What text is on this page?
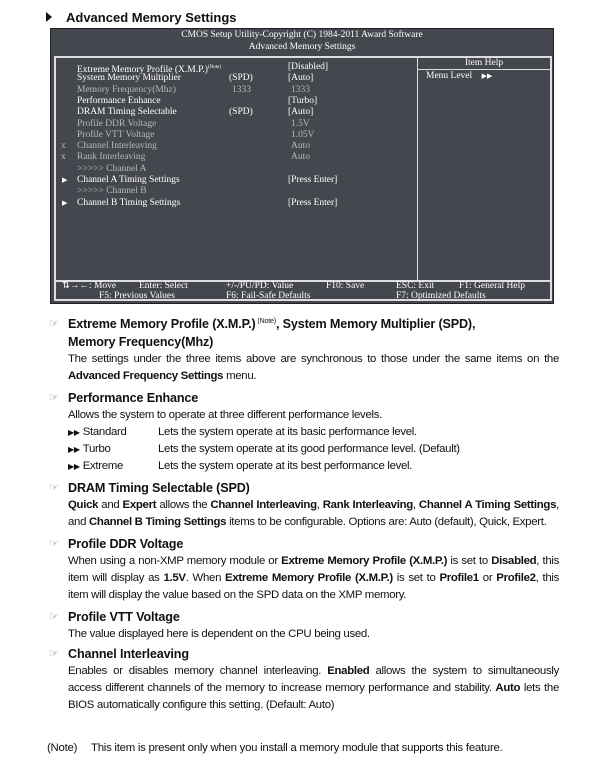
Advanced Memory Settings
CMOS Setup Utility-Copyright (C) 1984-2011 Award Software
Advanced Memory Settings
Extreme Memory Profile $(X.M.P.)^{(Note)}$	[Disabled]
System Memory Multiplier	(SPD)	[Auto]
Memory Frequency(Mhz)	1333	1333
Performance Enhance	[Turbo]
DRAM Timing Selectable	(SPD)	[Auto]
Profile DDR Voltage	1.5V
Profile VTT Voltage	1.05V
x Channel Interleaving	Auto
x Rank Interleaving	Auto
>>>>> Channel A
▶ Channel A Timing Settings	[Press Enter]
>>>>> Channel B
▶ Channel B Timing Settings	[Press Enter]
Item Help
Menu Level ▶▶
⇅→←: Move Enter: Select	+/-/PU/PD: Value	F10: Save	ESC: Exit	F1: General Help
F5: Previous Values	F6: Fail-Safe Defaults	F7: Optimized Defaults
☞ Extreme Memory Profile (X.M.P.) $^{(Note)}$, System Memory Multiplier (SPD),
Memory Frequency(Mhz)
The settings under the three items above are synchronous to those under the same items on the Advanced Frequency Settings menu.
☞ Performance Enhance
Allows the system to operate at three different performance levels.
▶▶ Standard	Lets the system operate at its basic performance level.
▶▶ Turbo	Lets the system operate at its good performance level. (Default)
▶▶ Extreme	Lets the system operate at its best performance level.
☞ DRAM Timing Selectable (SPD)
Quick and Expert allows the Channel Interleaving, Rank Interleaving, Channel A Timing Settings, and Channel B Timing Settings items to be configurable. Options are: Auto (default), Quick, Expert.
☞ Profile DDR Voltage
When using a non-XMP memory module or Extreme Memory Profile (X.M.P.) is set to Disabled, this item will display as 1.5V. When Extreme Memory Profile (X.M.P.) is set to Profile1 or Profile2, this item will display the value based on the SPD data on the XMP memory.
☞ Profile VTT Voltage
The value displayed here is dependent on the CPU being used.
☞ Channel Interleaving
Enables or disables memory channel interleaving. Enabled allows the system to simultaneously access different channels of the memory to increase memory performance and stability. Auto lets the BIOS automatically configure this setting. (Default: Auto)
(Note) This item is present only when you install a memory module that supports this feature.
